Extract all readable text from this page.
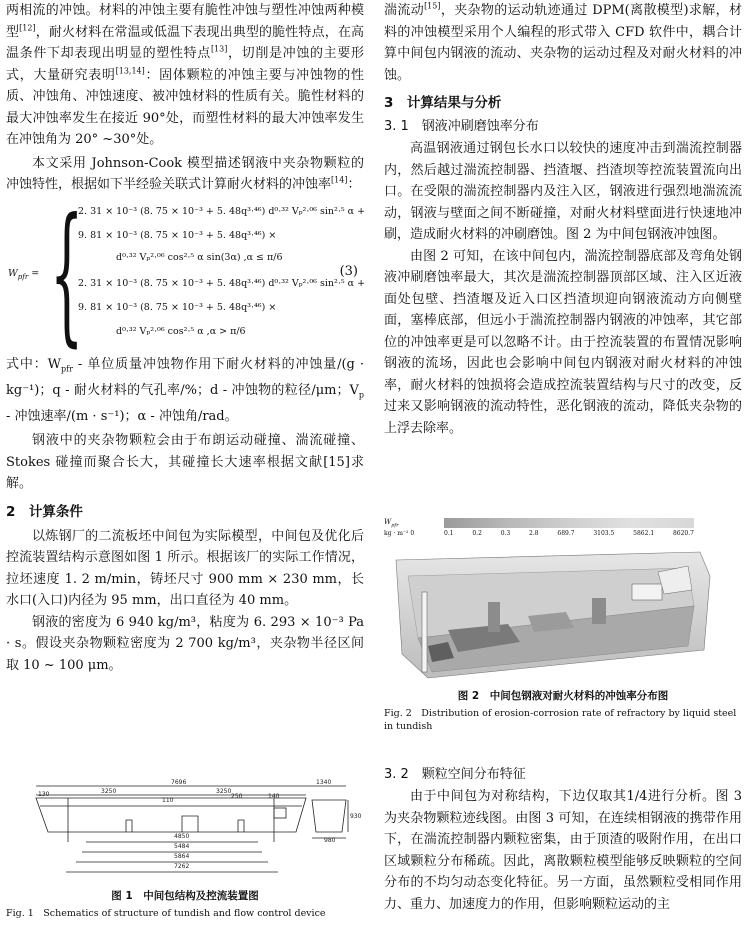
两相流的冲蚀。材料的冲蚀主要有脆性冲蚀与塑性冲蚀两种模型[12]，耐火材料在常温或低温下表现出典型的脆性特点，在高温条件下却表现出明显的塑性特点[13]，切削是冲蚀的主要形式，大量研究表明[13,14]：固体颗粒的冲蚀主要与冲蚀物的性质、冲蚀角、冲蚀速度、被冲蚀材料的性质有关。脆性材料的最大冲蚀率发生在接近 90°处，而塑性材料的最大冲蚀率发生在冲蚀角为 20° ~30°处。

本文采用 Johnson-Cook 模型描述钢液中夹杂物颗粒的冲蚀特性，根据如下半经验关联式计算耐火材料的冲蚀率[14]：

$W_{pfr}$ = {
2. 31 × 10⁻³ (8. 75 × 10⁻³ + 5. 48q³·⁴⁶) d⁰·³² Vₚ²·⁰⁶ sin²·⁵ α +
9. 81 × 10⁻³ (8. 75 × 10⁻³ + 5. 48q³·⁴⁶) ×
d⁰·³² Vₚ²·⁰⁶ cos²·⁵ α sin(3α) ,α ≤ π/6
2. 31 × 10⁻³ (8. 75 × 10⁻³ + 5. 48q³·⁴⁶) d⁰·³² Vₚ²·⁰⁶ sin²·⁵ α +
9. 81 × 10⁻³ (8. 75 × 10⁻³ + 5. 48q³·⁴⁶) ×
d⁰·³² Vₚ²·⁰⁶ cos²·⁵ α ,α > π/6
(3)

式中：$W_{pfr}$ - 单位质量冲蚀物作用下耐火材料的冲蚀量/(g · kg⁻¹)；q - 耐火材料的气孔率/%；d - 冲蚀物的粒径/μm；$V_p$ - 冲蚀速率/(m · s⁻¹)；α - 冲蚀角/rad。

钢液中的夹杂物颗粒会由于布朗运动碰撞、湍流碰撞、Stokes 碰撞而聚合长大，其碰撞长大速率根据文献[15]求解。

2　计算条件

以炼钢厂的二流板坯中间包为实际模型，中间包及优化后控流装置结构示意图如图 1 所示。根据该厂的实际工作情况，拉坯速度 1. 2 m/min，铸坯尺寸 900 mm × 230 mm，长水口(入口)内径为 95 mm，出口直径为 40 mm。

钢液的密度为 6 940 kg/m³，粘度为 6. 293 × 10⁻³ Pa · s。假设夹杂物颗粒密度为 2 700 kg/m³，夹杂物半径区间取 10 ~ 100 μm。

7696	1340
3250	3250
130
110
4850
5484
5864
7262
930
980
250	140
图 1　中间包结构及控流装置图
Fig. 1　Schematics of structure of tundish and flow control device

湍流动[15]，夹杂物的运动轨迹通过 DPM(离散模型)求解，材料的冲蚀模型采用个人编程的形式带入 CFD 软件中，耦合计算中间包内钢液的流动、夹杂物的运动过程及对耐火材料的冲蚀。

3　计算结果与分析
3. 1　钢液冲刷磨蚀率分布

高温钢液通过钢包长水口以较快的速度冲击到湍流控制器内，然后越过湍流控制器、挡渣堰、挡渣坝等控流装置流向出口。在受限的湍流控制器内及注入区，钢液进行强烈地湍流流动，钢液与壁面之间不断碰撞，对耐火材料壁面进行快速地冲刷，造成耐火材料的冲刷磨蚀。图 2 为中间包钢液冲蚀图。

由图 2 可知，在该中间包内，湍流控制器底部及弯角处钢液冲刷磨蚀率最大，其次是湍流控制器顶部区域、注入区近液面处包壁、挡渣堰及近入口区挡渣坝迎向钢液流动方向侧壁面，塞棒底部，但远小于湍流控制器内钢液的冲蚀率，其它部位的冲蚀率更是可以忽略不计。由于控流装置的布置情况影响钢液的流场，因此也会影响中间包内钢液对耐火材料的冲蚀率，耐火材料的蚀损将会造成控流装置结构与尺寸的改变，反过来又影响钢液的流动特性，恶化钢液的流动，降低夹杂物的上浮去除率。

$W_{pfr}$
kg · m⁻² 0	0.1	0.2	0.3	2.8	689.7	3103.5	5862.1	8620.7
图 2　中间包钢液对耐火材料的冲蚀率分布图
Fig. 2　Distribution of erosion-corrosion rate of refractory by liquid steel in tundish
3. 2　颗粒空间分布特征

由于中间包为对称结构，下边仅取其1/4进行分析。图 3 为夹杂物颗粒迹线图。由图 3 可知，在连续相钢液的携带作用下，在湍流控制器内颗粒密集，由于顶渣的吸附作用，在出口区域颗粒分布稀疏。因此，离散颗粒模型能够反映颗粒的空间分布的不均匀动态变化特征。另一方面，虽然颗粒受相同作用力、重力、加速度力的作用，但影响颗粒运动的主
